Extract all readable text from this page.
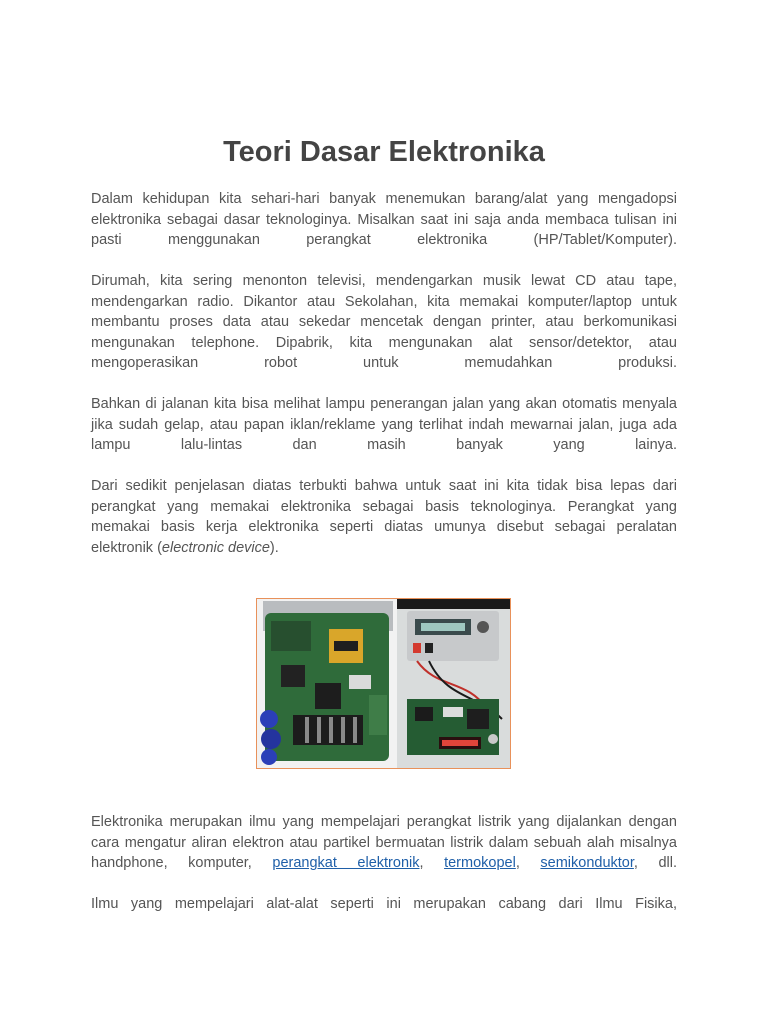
Teori Dasar Elektronika

Dalam kehidupan kita sehari-hari banyak menemukan barang/alat yang mengadopsi elektronika sebagai dasar teknologinya. Misalkan saat ini saja anda membaca tulisan ini pasti menggunakan perangkat elektronika (HP/Tablet/Komputer).

Dirumah, kita sering menonton televisi, mendengarkan musik lewat CD atau tape, mendengarkan radio. Dikantor atau Sekolahan, kita memakai komputer/laptop untuk membantu proses data atau sekedar mencetak dengan printer, atau berkomunikasi mengunakan telephone. Dipabrik, kita mengunakan alat sensor/detektor, atau mengoperasikan robot untuk memudahkan produksi.

Bahkan di jalanan kita bisa melihat lampu penerangan jalan yang akan otomatis menyala jika sudah gelap, atau papan iklan/reklame yang terlihat indah mewarnai jalan, juga ada lampu lalu-lintas dan masih banyak yang lainya.

Dari sedikit penjelasan diatas terbukti bahwa untuk saat ini kita tidak bisa lepas dari perangkat yang memakai elektronika sebagai basis teknologinya. Perangkat yang memakai basis kerja elektronika seperti diatas umunya disebut sebagai peralatan elektronik (electronic device).

Elektronika merupakan ilmu yang mempelajari perangkat listrik yang dijalankan dengan cara mengatur aliran elektron atau partikel bermuatan listrik dalam sebuah alah misalnya handphone, komputer, perangkat elektronik, termokopel, semikonduktor, dll.

Ilmu yang mempelajari alat-alat seperti ini merupakan cabang dari Ilmu Fisika,
